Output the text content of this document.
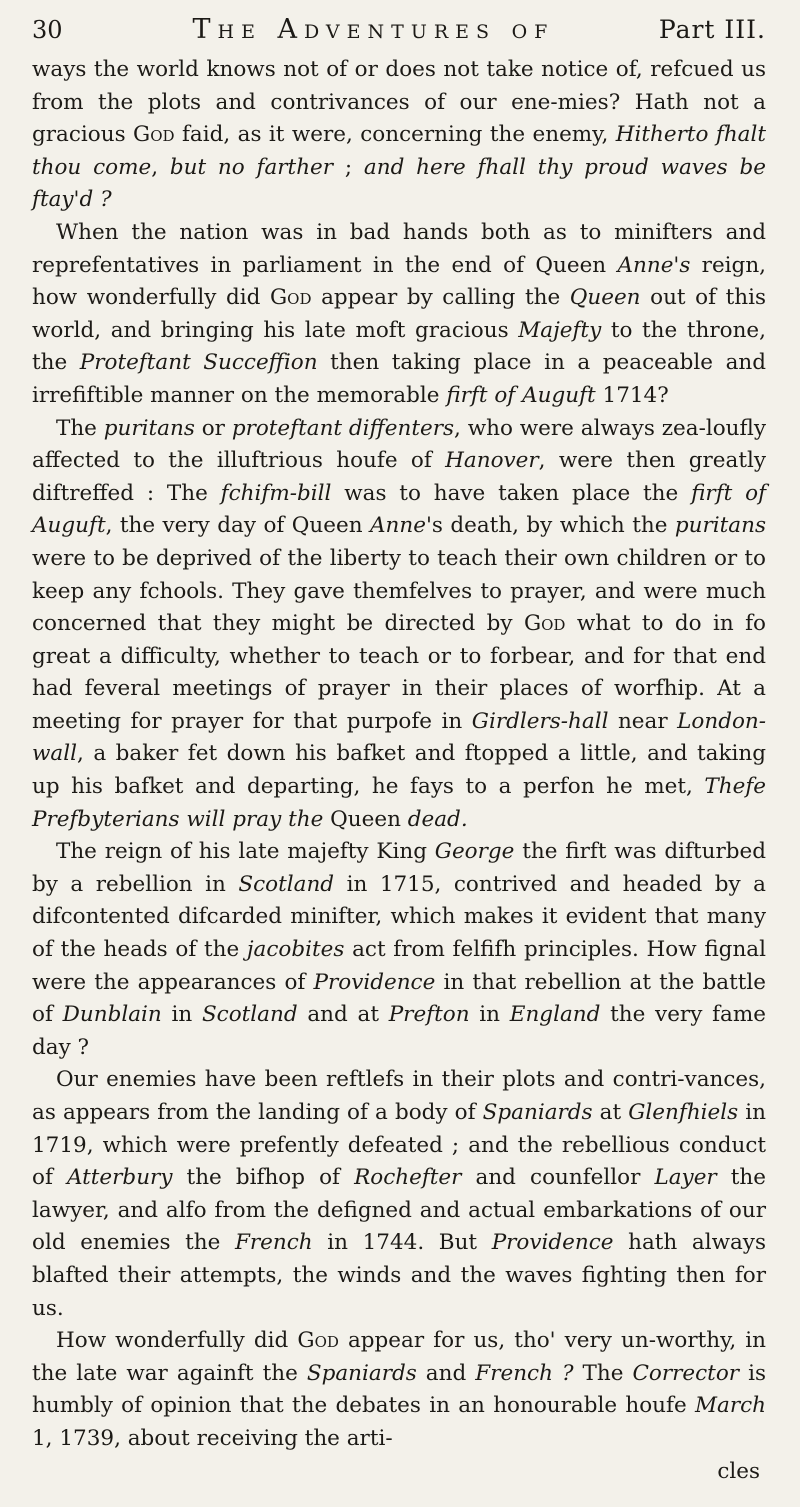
30	The Adventures of	Part III.

ways the world knows not of or does not take notice of, refcued us from the plots and contrivances of our ene-mies? Hath not a gracious God faid, as it were, concerning the enemy, Hitherto fhalt thou come, but no farther ; and here fhall thy proud waves be ftay'd ?

When the nation was in bad hands both as to minifters and reprefentatives in parliament in the end of Queen Anne's reign, how wonderfully did God appear by calling the Queen out of this world, and bringing his late moft gracious Majefty to the throne, the Proteftant Succeffion then taking place in a peaceable and irrefiftible manner on the memorable firft of Auguft 1714?

The puritans or proteftant diffenters, who were always zea-loufly affected to the illuftrious houfe of Hanover, were then greatly diftreffed : The fchifm-bill was to have taken place the firft of Auguft, the very day of Queen Anne's death, by which the puritans were to be deprived of the liberty to teach their own children or to keep any fchools. They gave themfelves to prayer, and were much concerned that they might be directed by God what to do in fo great a difficulty, whether to teach or to forbear, and for that end had feveral meetings of prayer in their places of worfhip. At a meeting for prayer for that purpofe in Girdlers-hall near London-wall, a baker fet down his bafket and ftopped a little, and taking up his bafket and departing, he fays to a perfon he met, Thefe Prefbyterians will pray the Queen dead.

The reign of his late majefty King George the firft was difturbed by a rebellion in Scotland in 1715, contrived and headed by a difcontented difcarded minifter, which makes it evident that many of the heads of the jacobites act from felfifh principles. How fignal were the appearances of Providence in that rebellion at the battle of Dunblain in Scotland and at Prefton in England the very fame day ?

Our enemies have been reftlefs in their plots and contri-vances, as appears from the landing of a body of Spaniards at Glenfhiels in 1719, which were prefently defeated ; and the rebellious conduct of Atterbury the bifhop of Rochefter and counfellor Layer the lawyer, and alfo from the defigned and actual embarkations of our old enemies the French in 1744. But Providence hath always blafted their attempts, the winds and the waves fighting then for us.

How wonderfully did God appear for us, tho' very un-worthy, in the late war againft the Spaniards and French ? The Corrector is humbly of opinion that the debates in an honourable houfe March 1, 1739, about receiving the arti-

cles
